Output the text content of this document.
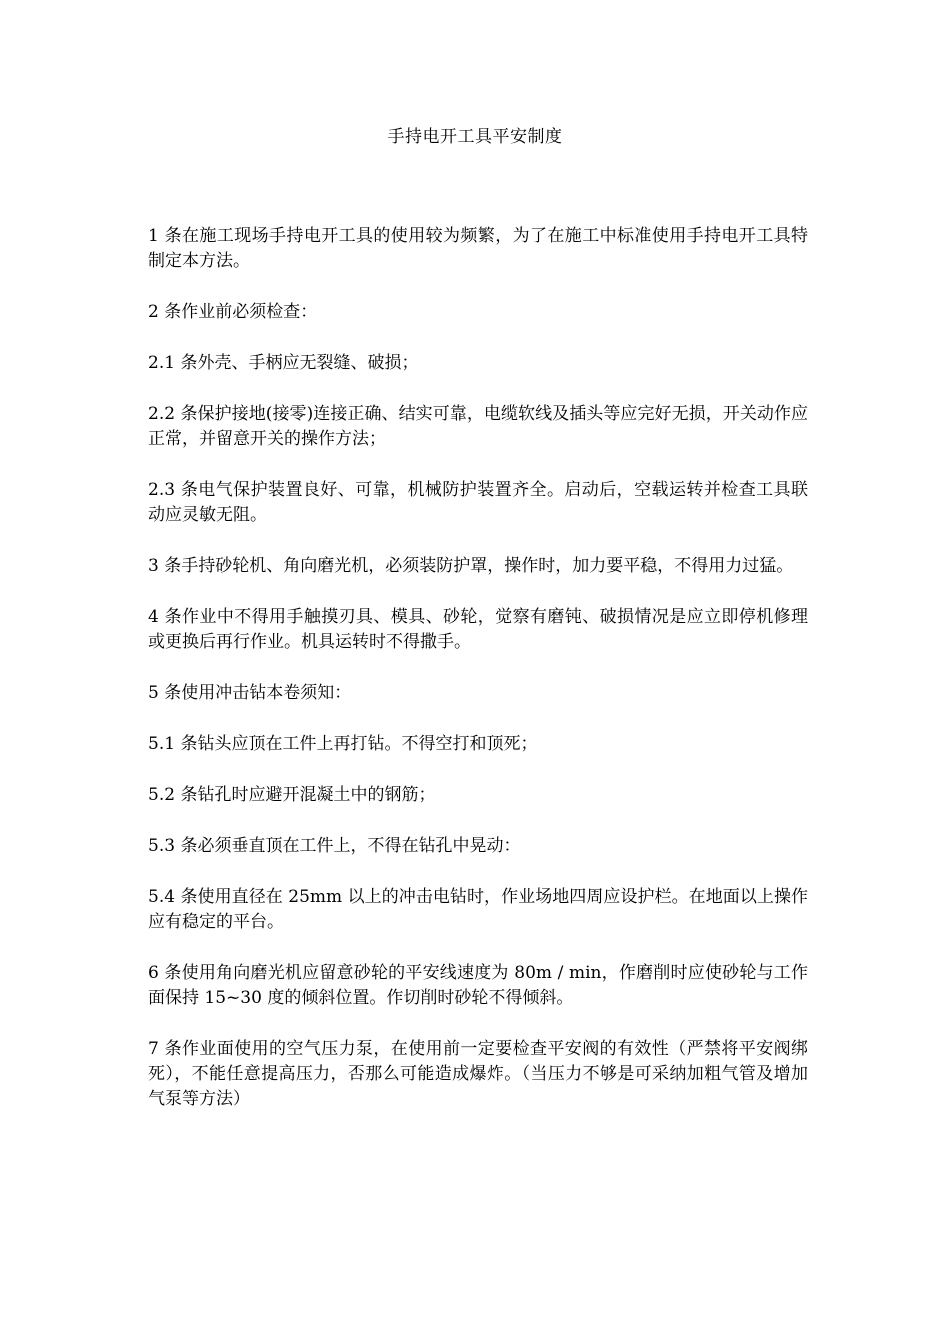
手持电开工具平安制度

1 条在施工现场手持电开工具的使用较为频繁，为了在施工中标准使用手持电开工具特制定本方法。

2 条作业前必须检查：

2.1 条外壳、手柄应无裂缝、破损；

2.2 条保护接地(接零)连接正确、结实可靠，电缆软线及插头等应完好无损，开关动作应正常，并留意开关的操作方法；

2.3 条电气保护装置良好、可靠，机械防护装置齐全。启动后，空载运转并检查工具联动应灵敏无阻。

3 条手持砂轮机、角向磨光机，必须装防护罩，操作时，加力要平稳，不得用力过猛。

4 条作业中不得用手触摸刃具、模具、砂轮，觉察有磨钝、破损情况是应立即停机修理或更换后再行作业。机具运转时不得撒手。

5 条使用冲击钻本卷须知：

5.1 条钻头应顶在工件上再打钻。不得空打和顶死；

5.2 条钻孔时应避开混凝土中的钢筋；

5.3 条必须垂直顶在工件上，不得在钻孔中晃动：

5.4 条使用直径在 25mm 以上的冲击电钻时，作业场地四周应设护栏。在地面以上操作应有稳定的平台。

6 条使用角向磨光机应留意砂轮的平安线速度为 80m / min，作磨削时应使砂轮与工作面保持 15~30 度的倾斜位置。作切削时砂轮不得倾斜。

7 条作业面使用的空气压力泵，在使用前一定要检查平安阀的有效性（严禁将平安阀绑死），不能任意提高压力，否那么可能造成爆炸。（当压力不够是可采纳加粗气管及增加气泵等方法）
